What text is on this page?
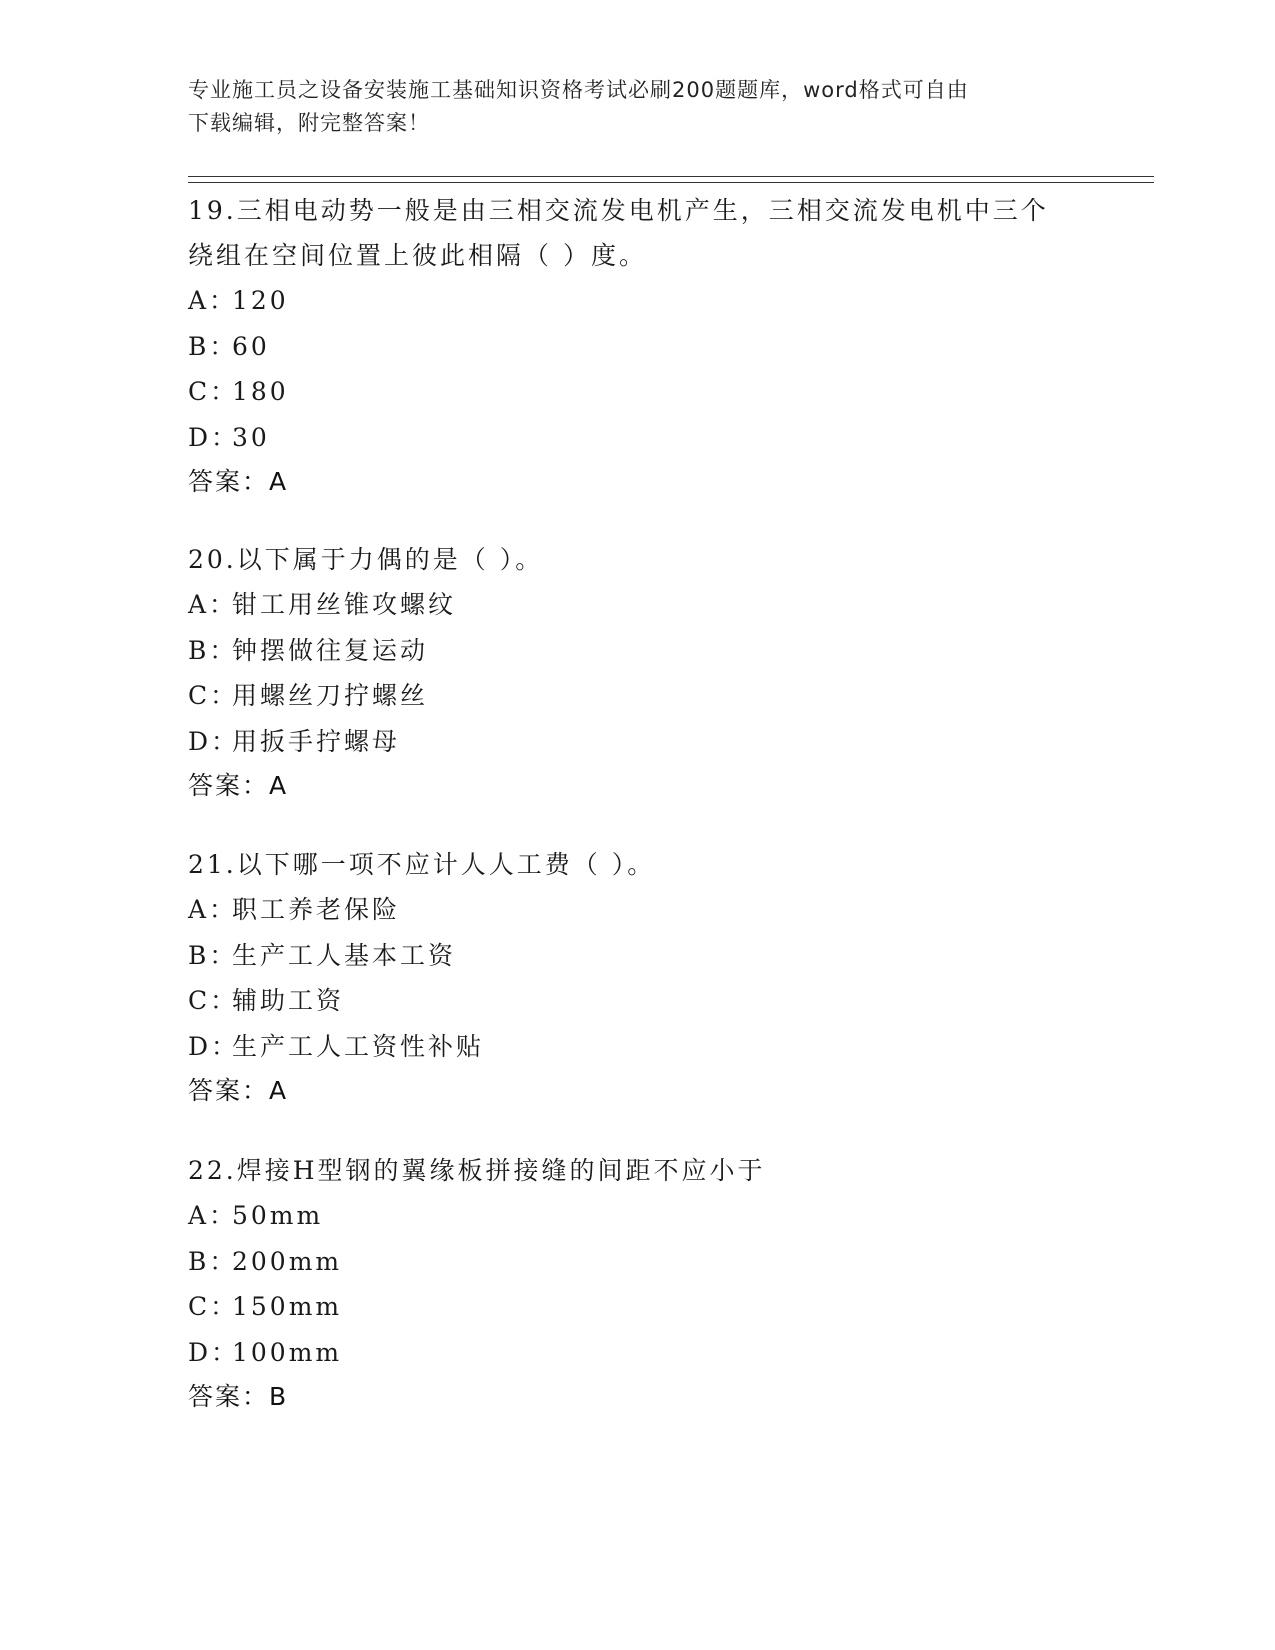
专业施工员之设备安装施工基础知识资格考试必刷200题题库，word格式可自由
下载编辑，附完整答案！
19.三相电动势一般是由三相交流发电机产生，三相交流发电机中三个
绕组在空间位置上彼此相隔（ ）度。
A：120
B：60
C：180
D：30
答案：A
20.以下属于力偶的是（ ）。
A：钳工用丝锥攻螺纹
B：钟摆做往复运动
C：用螺丝刀拧螺丝
D：用扳手拧螺母
答案：A
21.以下哪一项不应计人人工费（ ）。
A：职工养老保险
B：生产工人基本工资
C：辅助工资
D：生产工人工资性补贴
答案：A
22.焊接H型钢的翼缘板拼接缝的间距不应小于
A：50mm
B：200mm
C：150mm
D：100mm
答案：B
